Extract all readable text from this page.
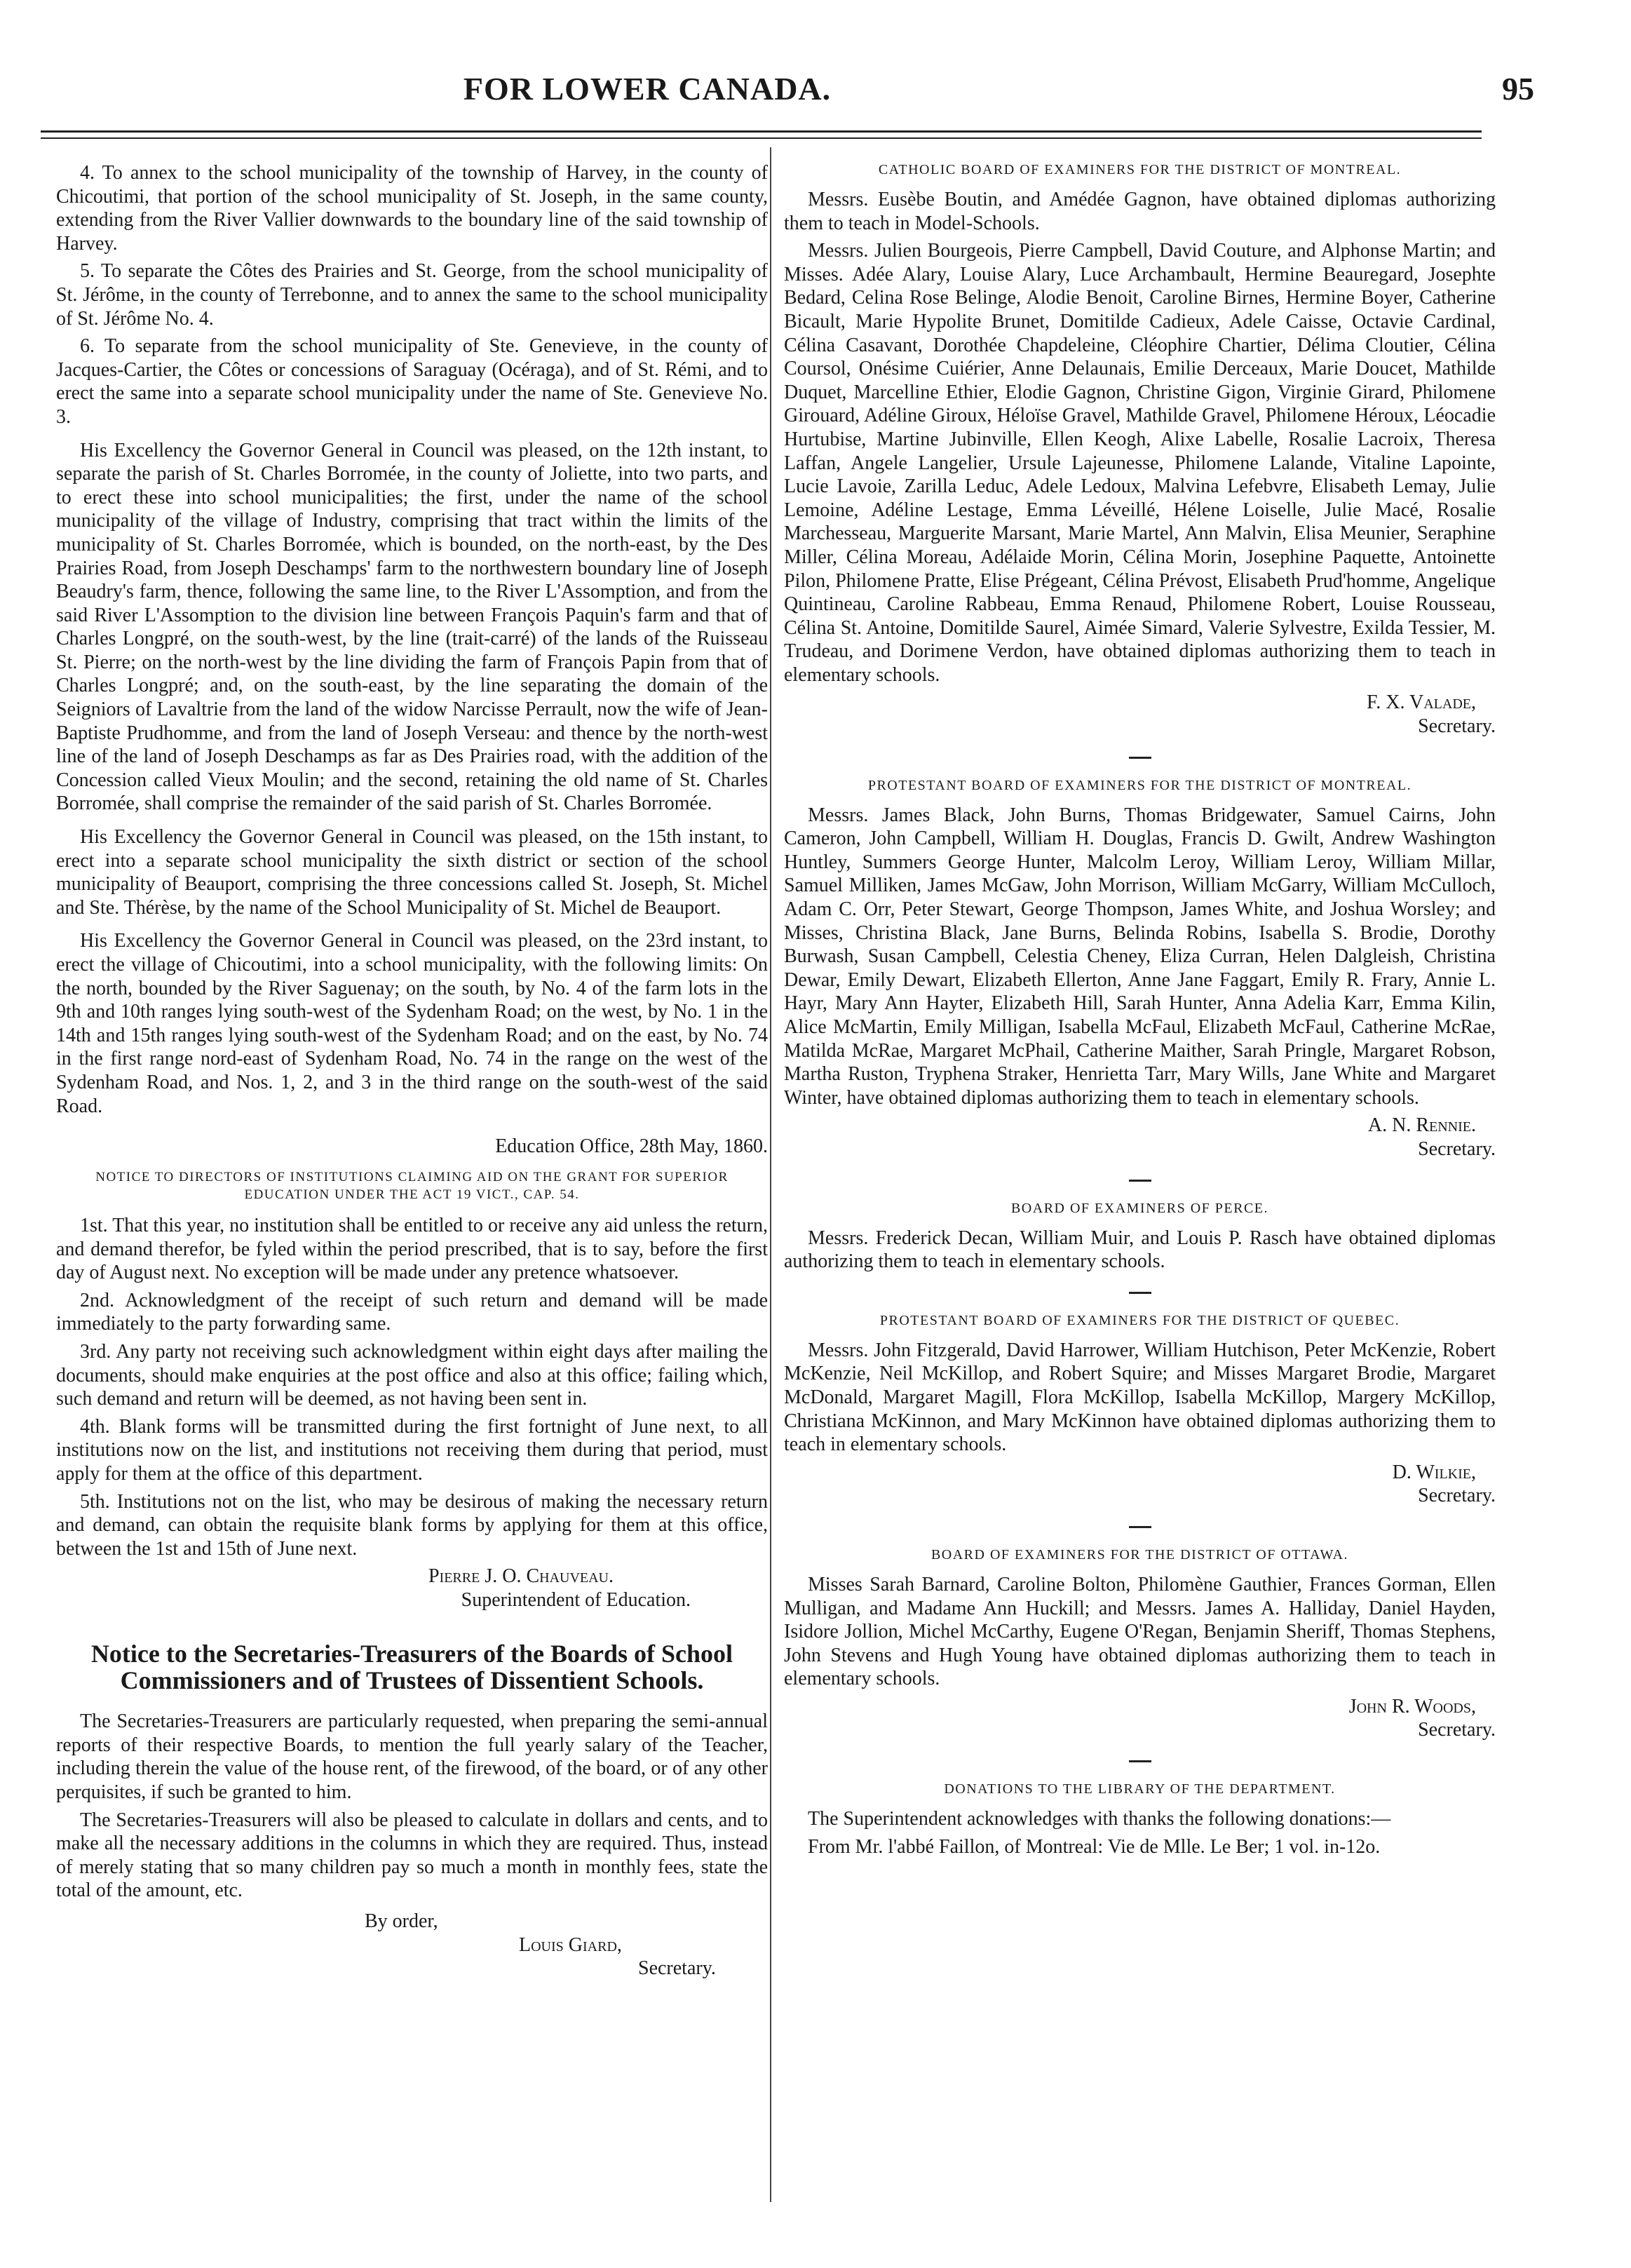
FOR LOWER CANADA.	95

4. To annex to the school municipality of the township of Harvey, in the county of Chicoutimi, that portion of the school municipality of St. Joseph, in the same county, extending from the River Vallier downwards to the boundary line of the said township of Harvey.

5. To separate the Côtes des Prairies and St. George, from the school municipality of St. Jérôme, in the county of Terrebonne, and to annex the same to the school municipality of St. Jérôme No. 4.

6. To separate from the school municipality of Ste. Genevieve, in the county of Jacques-Cartier, the Côtes or concessions of Saraguay (Océraga), and of St. Rémi, and to erect the same into a separate school municipality under the name of Ste. Genevieve No. 3.

His Excellency the Governor General in Council was pleased, on the 12th instant, to separate the parish of St. Charles Borromée, in the county of Joliette, into two parts, and to erect these into school municipalities; the first, under the name of the school municipality of the village of Industry, comprising that tract within the limits of the municipality of St. Charles Borromée, which is bounded, on the north-east, by the Des Prairies Road, from Joseph Deschamps' farm to the northwestern boundary line of Joseph Beaudry's farm, thence, following the same line, to the River L'Assomption, and from the said River L'Assomption to the division line between François Paquin's farm and that of Charles Longpré, on the south-west, by the line (trait-carré) of the lands of the Ruisseau St. Pierre; on the north-west by the line dividing the farm of François Papin from that of Charles Longpré; and, on the south-east, by the line separating the domain of the Seigniors of Lavaltrie from the land of the widow Narcisse Perrault, now the wife of Jean-Baptiste Prudhomme, and from the land of Joseph Verseau: and thence by the north-west line of the land of Joseph Deschamps as far as Des Prairies road, with the addition of the Concession called Vieux Moulin; and the second, retaining the old name of St. Charles Borromée, shall comprise the remainder of the said parish of St. Charles Borromée.

His Excellency the Governor General in Council was pleased, on the 15th instant, to erect into a separate school municipality the sixth district or section of the school municipality of Beauport, comprising the three concessions called St. Joseph, St. Michel and Ste. Thérèse, by the name of the School Municipality of St. Michel de Beauport.

His Excellency the Governor General in Council was pleased, on the 23rd instant, to erect the village of Chicoutimi, into a school municipality, with the following limits: On the north, bounded by the River Saguenay; on the south, by No. 4 of the farm lots in the 9th and 10th ranges lying south-west of the Sydenham Road; on the west, by No. 1 in the 14th and 15th ranges lying south-west of the Sydenham Road; and on the east, by No. 74 in the first range nord-east of Sydenham Road, No. 74 in the range on the west of the Sydenham Road, and Nos. 1, 2, and 3 in the third range on the south-west of the said Road.

Education Office, 28th May, 1860.

NOTICE TO DIRECTORS OF INSTITUTIONS CLAIMING AID ON THE GRANT FOR SUPERIOR EDUCATION UNDER THE ACT 19 VICT., CAP. 54.

1st. That this year, no institution shall be entitled to or receive any aid unless the return, and demand therefor, be fyled within the period prescribed, that is to say, before the first day of August next. No exception will be made under any pretence whatsoever.

2nd. Acknowledgment of the receipt of such return and demand will be made immediately to the party forwarding same.

3rd. Any party not receiving such acknowledgment within eight days after mailing the documents, should make enquiries at the post office and also at this office; failing which, such demand and return will be deemed, as not having been sent in.

4th. Blank forms will be transmitted during the first fortnight of June next, to all institutions now on the list, and institutions not receiving them during that period, must apply for them at the office of this department.

5th. Institutions not on the list, who may be desirous of making the necessary return and demand, can obtain the requisite blank forms by applying for them at this office, between the 1st and 15th of June next.

Pierre J. O. Chauveau.

Superintendent of Education.

Notice to the Secretaries-Treasurers of the Boards of School Commissioners and of Trustees of Dissentient Schools.

The Secretaries-Treasurers are particularly requested, when preparing the semi-annual reports of their respective Boards, to mention the full yearly salary of the Teacher, including therein the value of the house rent, of the firewood, of the board, or of any other perquisites, if such be granted to him.

The Secretaries-Treasurers will also be pleased to calculate in dollars and cents, and to make all the necessary additions in the columns in which they are required. Thus, instead of merely stating that so many children pay so much a month in monthly fees, state the total of the amount, etc.

By order,
Louis Giard,
Secretary.

CATHOLIC BOARD OF EXAMINERS FOR THE DISTRICT OF MONTREAL.

Messrs. Eusèbe Boutin, and Amédée Gagnon, have obtained diplomas authorizing them to teach in Model-Schools.

Messrs. Julien Bourgeois, Pierre Campbell, David Couture, and Alphonse Martin; and Misses. Adée Alary, Louise Alary, Luce Archambault, Hermine Beauregard, Josephte Bedard, Celina Rose Belinge, Alodie Benoit, Caroline Birnes, Hermine Boyer, Catherine Bicault, Marie Hypolite Brunet, Domitilde Cadieux, Adele Caisse, Octavie Cardinal, Célina Casavant, Dorothée Chapdeleine, Cléophire Chartier, Délima Cloutier, Célina Coursol, Onésime Cuiérier, Anne Delaunais, Emilie Derceaux, Marie Doucet, Mathilde Duquet, Marcelline Ethier, Elodie Gagnon, Christine Gigon, Virginie Girard, Philomene Girouard, Adéline Giroux, Héloïse Gravel, Mathilde Gravel, Philomene Héroux, Léocadie Hurtubise, Martine Jubinville, Ellen Keogh, Alixe Labelle, Rosalie Lacroix, Theresa Laffan, Angele Langelier, Ursule Lajeunesse, Philomene Lalande, Vitaline Lapointe, Lucie Lavoie, Zarilla Leduc, Adele Ledoux, Malvina Lefebvre, Elisabeth Lemay, Julie Lemoine, Adéline Lestage, Emma Léveillé, Hélene Loiselle, Julie Macé, Rosalie Marchesseau, Marguerite Marsant, Marie Martel, Ann Malvin, Elisa Meunier, Seraphine Miller, Célina Moreau, Adélaide Morin, Célina Morin, Josephine Paquette, Antoinette Pilon, Philomene Pratte, Elise Prégeant, Célina Prévost, Elisabeth Prud'homme, Angelique Quintineau, Caroline Rabbeau, Emma Renaud, Philomene Robert, Louise Rousseau, Célina St. Antoine, Domitilde Saurel, Aimée Simard, Valerie Sylvestre, Exilda Tessier, M. Trudeau, and Dorimene Verdon, have obtained diplomas authorizing them to teach in elementary schools.

F. X. Valade,

Secretary.

PROTESTANT BOARD OF EXAMINERS FOR THE DISTRICT OF MONTREAL.

Messrs. James Black, John Burns, Thomas Bridgewater, Samuel Cairns, John Cameron, John Campbell, William H. Douglas, Francis D. Gwilt, Andrew Washington Huntley, Summers George Hunter, Malcolm Leroy, William Leroy, William Millar, Samuel Milliken, James McGaw, John Morrison, William McGarry, William McCulloch, Adam C. Orr, Peter Stewart, George Thompson, James White, and Joshua Worsley; and Misses, Christina Black, Jane Burns, Belinda Robins, Isabella S. Brodie, Dorothy Burwash, Susan Campbell, Celestia Cheney, Eliza Curran, Helen Dalgleish, Christina Dewar, Emily Dewart, Elizabeth Ellerton, Anne Jane Faggart, Emily R. Frary, Annie L. Hayr, Mary Ann Hayter, Elizabeth Hill, Sarah Hunter, Anna Adelia Karr, Emma Kilin, Alice McMartin, Emily Milligan, Isabella McFaul, Elizabeth McFaul, Catherine McRae, Matilda McRae, Margaret McPhail, Catherine Maither, Sarah Pringle, Margaret Robson, Martha Ruston, Tryphena Straker, Henrietta Tarr, Mary Wills, Jane White and Margaret Winter, have obtained diplomas authorizing them to teach in elementary schools.

A. N. Rennie.

Secretary.

BOARD OF EXAMINERS OF PERCE.

Messrs. Frederick Decan, William Muir, and Louis P. Rasch have obtained diplomas authorizing them to teach in elementary schools.

PROTESTANT BOARD OF EXAMINERS FOR THE DISTRICT OF QUEBEC.

Messrs. John Fitzgerald, David Harrower, William Hutchison, Peter McKenzie, Robert McKenzie, Neil McKillop, and Robert Squire; and Misses Margaret Brodie, Margaret McDonald, Margaret Magill, Flora McKillop, Isabella McKillop, Margery McKillop, Christiana McKinnon, and Mary McKinnon have obtained diplomas authorizing them to teach in elementary schools.

D. Wilkie,

Secretary.

BOARD OF EXAMINERS FOR THE DISTRICT OF OTTAWA.

Misses Sarah Barnard, Caroline Bolton, Philomène Gauthier, Frances Gorman, Ellen Mulligan, and Madame Ann Huckill; and Messrs. James A. Halliday, Daniel Hayden, Isidore Jollion, Michel McCarthy, Eugene O'Regan, Benjamin Sheriff, Thomas Stephens, John Stevens and Hugh Young have obtained diplomas authorizing them to teach in elementary schools.

John R. Woods,

Secretary.

DONATIONS TO THE LIBRARY OF THE DEPARTMENT.

The Superintendent acknowledges with thanks the following donations:—

From Mr. l'abbé Faillon, of Montreal: Vie de Mlle. Le Ber; 1 vol. in-12o.
